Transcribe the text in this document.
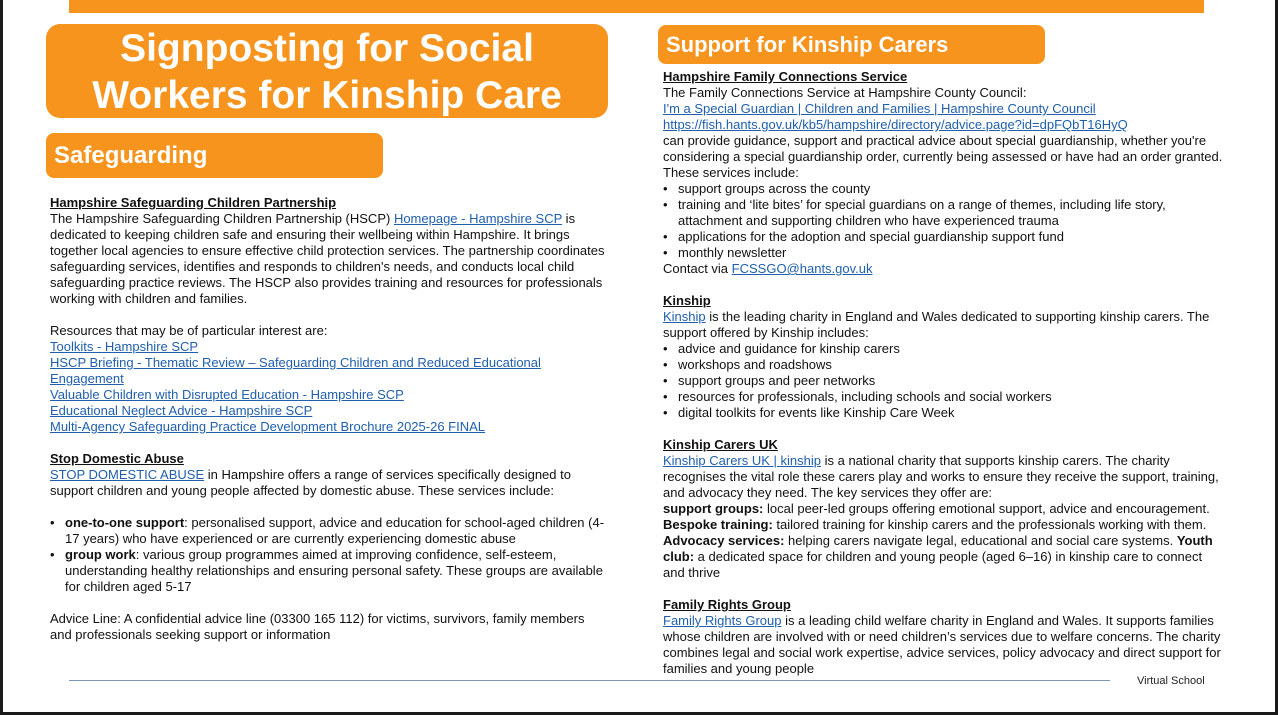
Signposting for Social
Workers for Kinship Care
Safeguarding
Support for Kinship Carers
Hampshire Safeguarding Children Partnership
The Hampshire Safeguarding Children Partnership (HSCP) Homepage - Hampshire SCP is dedicated to keeping children safe and ensuring their wellbeing within Hampshire. It brings together local agencies to ensure effective child protection services. The partnership coordinates safeguarding services, identifies and responds to children's needs, and conducts local child safeguarding practice reviews. The HSCP also provides training and resources for professionals working with children and families.
Resources that may be of particular interest are:
Toolkits - Hampshire SCP
HSCP Briefing - Thematic Review – Safeguarding Children and Reduced Educational Engagement
Valuable Children with Disrupted Education - Hampshire SCP
Educational Neglect Advice - Hampshire SCP
Multi-Agency Safeguarding Practice Development Brochure 2025-26 FINAL
Stop Domestic Abuse
STOP DOMESTIC ABUSE in Hampshire offers a range of services specifically designed to support children and young people affected by domestic abuse. These services include:
• one-to-one support: personalised support, advice and education for school-aged children (4-17 years) who have experienced or are currently experiencing domestic abuse
• group work: various group programmes aimed at improving confidence, self-esteem, understanding healthy relationships and ensuring personal safety. These groups are available for children aged 5-17
Advice Line: A confidential advice line (03300 165 112) for victims, survivors, family members and professionals seeking support or information
Hampshire Family Connections Service
The Family Connections Service at Hampshire County Council:
I'm a Special Guardian | Children and Families | Hampshire County Council
https://fish.hants.gov.uk/kb5/hampshire/directory/advice.page?id=dpFQbT16HyQ
can provide guidance, support and practical advice about special guardianship, whether you're considering a special guardianship order, currently being assessed or have had an order granted. These services include:
• support groups across the county
• training and ‘lite bites’ for special guardians on a range of themes, including life story, attachment and supporting children who have experienced trauma
• applications for the adoption and special guardianship support fund
• monthly newsletter
Contact via FCSSGO@hants.gov.uk
Kinship
Kinship is the leading charity in England and Wales dedicated to supporting kinship carers. The support offered by Kinship includes:
• advice and guidance for kinship carers
• workshops and roadshows
• support groups and peer networks
• resources for professionals, including schools and social workers
• digital toolkits for events like Kinship Care Week
Kinship Carers UK
Kinship Carers UK | kinship is a national charity that supports kinship carers. The charity recognises the vital role these carers play and works to ensure they receive the support, training, and advocacy they need. The key services they offer are:
support groups: local peer-led groups offering emotional support, advice and encouragement. Bespoke training: tailored training for kinship carers and the professionals working with them. Advocacy services: helping carers navigate legal, educational and social care systems. Youth club: a dedicated space for children and young people (aged 6–16) in kinship care to connect and thrive
Family Rights Group
Family Rights Group is a leading child welfare charity in England and Wales. It supports families whose children are involved with or need children’s services due to welfare concerns. The charity combines legal and social work expertise, advice services, policy advocacy and direct support for families and young people
Virtual School
